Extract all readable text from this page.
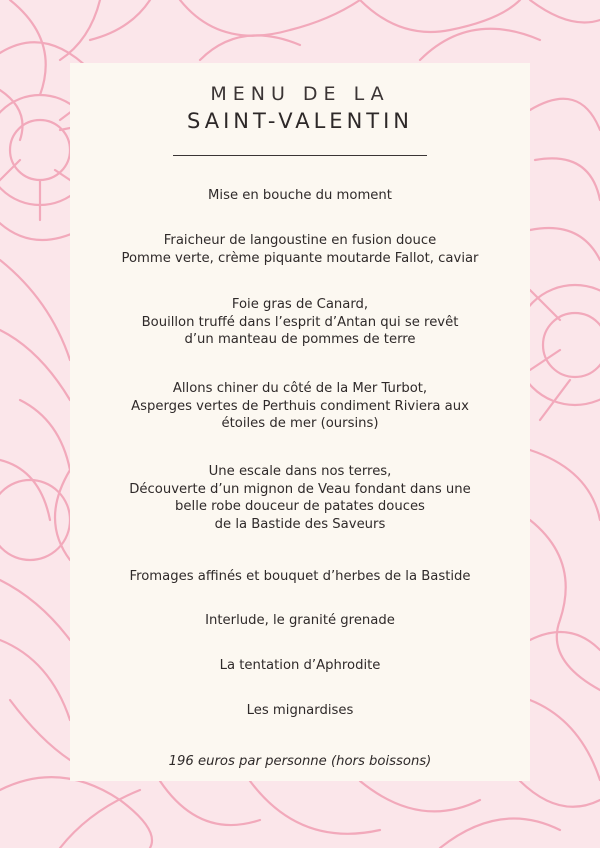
MENU DE LA
SAINT-VALENTIN
Mise en bouche du moment
Fraicheur de langoustine en fusion douce
Pomme verte, crème piquante moutarde Fallot, caviar
Foie gras de Canard,
Bouillon truffé dans l’esprit d’Antan qui se revêt
d’un manteau de pommes de terre
Allons chiner du côté de la Mer Turbot,
Asperges vertes de Perthuis condiment Riviera aux
étoiles de mer (oursins)
Une escale dans nos terres,
Découverte d’un mignon de Veau fondant dans une
belle robe douceur de patates douces
de la Bastide des Saveurs
Fromages affinés et bouquet d’herbes de la Bastide
Interlude, le granité grenade
La tentation d’Aphrodite
Les mignardises
196 euros par personne (hors boissons)
